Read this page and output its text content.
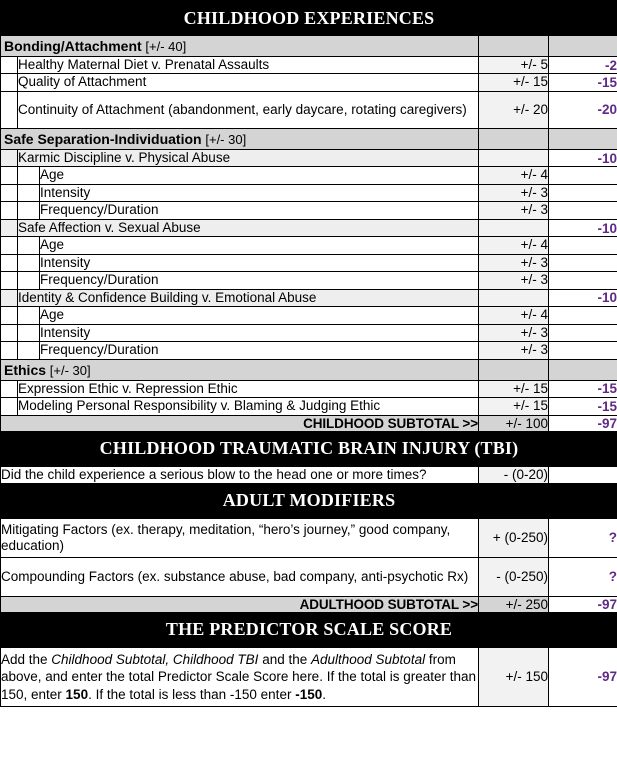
CHILDHOOD EXPERIENCES				
Bonding/Attachment [+/- 40]				
	Healthy Maternal Diet v. Prenatal Assaults		+/- 5	-2
	Quality of Attachment		+/- 15	-15
	Continuity of Attachment (abandonment, early daycare, rotating caregivers)		+/- 20	-20
Safe Separation-Individuation [+/- 30]				
	Karmic Discipline v. Physical Abuse			-10
		Age	+/- 4	
		Intensity	+/- 3	
		Frequency/Duration	+/- 3	
	Safe Affection v. Sexual Abuse			-10
		Age	+/- 4	
		Intensity	+/- 3	
		Frequency/Duration	+/- 3	
	Identity & Confidence Building v. Emotional Abuse			-10
		Age	+/- 4	
		Intensity	+/- 3	
		Frequency/Duration	+/- 3	
Ethics [+/- 30]				
	Expression Ethic v. Repression Ethic		+/- 15	-15
	Modeling Personal Responsibility v. Blaming & Judging Ethic		+/- 15	-15
CHILDHOOD SUBTOTAL >>			+/- 100	-97
CHILDHOOD TRAUMATIC BRAIN INJURY (TBI)				
Did the child experience a serious blow to the head one or more times?			- (0-20)	
ADULT MODIFIERS				
Mitigating Factors (ex. therapy, meditation, “hero’s journey,” good company, education)			+ (0-250)	?
Compounding Factors (ex. substance abuse, bad company, anti-psychotic Rx)			- (0-250)	?
ADULTHOOD SUBTOTAL >>			+/- 250	-97
THE PREDICTOR SCALE SCORE				
Add the Childhood Subtotal, Childhood TBI and the Adulthood Subtotal from above, and enter the total Predictor Scale Score here. If the total is greater than 150, enter 150. If the total is less than -150 enter -150.			+/- 150	-97
